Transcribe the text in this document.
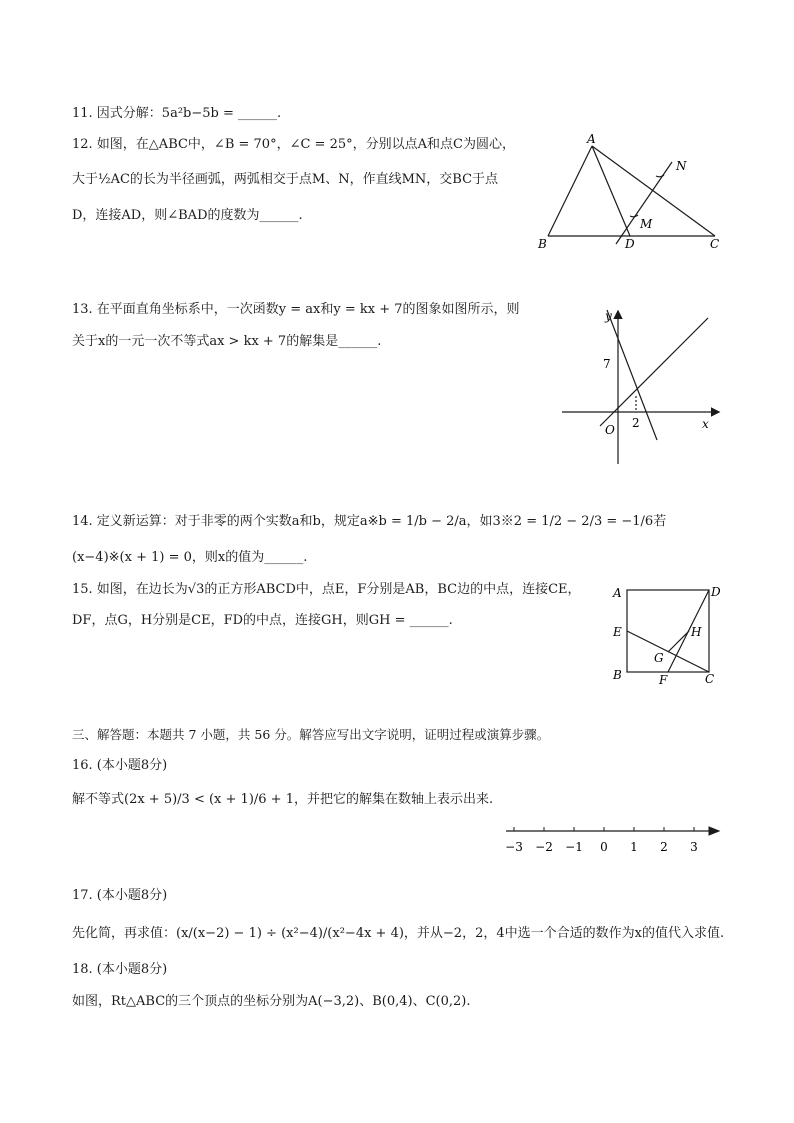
11. 因式分解：5a²b−5b = ______.
12. 如图，在△ABC中，∠B = 70°，∠C = 25°，分别以点A和点C为圆心，
大于½AC的长为半径画弧，两弧相交于点M、N，作直线MN，交BC于点
D，连接AD，则∠BAD的度数为______.
A
B	C
D
M
N
13. 在平面直角坐标系中，一次函数y = ax和y = kx + 7的图象如图所示，则
关于x的一元一次不等式ax > kx + 7的解集是______.
y
x
O
7
2
14. 定义新运算：对于非零的两个实数a和b，规定a※b = 1/b − 2/a，如3※2 = 1/2 − 2/3 = −1/6若
(x−4)※(x + 1) = 0，则x的值为______.
15. 如图，在边长为√3的正方形ABCD中，点E，F分别是AB，BC边的中点，连接CE，
DF，点G，H分别是CE，FD的中点，连接GH，则GH = ______.
A	D
E
B	C
F
G
H
三、解答题：本题共 7 小题，共 56 分。解答应写出文字说明，证明过程或演算步骤。
16. (本小题8分)
解不等式(2x + 5)/3 < (x + 1)/6 + 1，并把它的解集在数轴上表示出来.
−3 −2 −1 0 1 2 3
17. (本小题8分)
先化简，再求值：(x/(x−2) − 1) ÷ (x²−4)/(x²−4x + 4)，并从−2，2，4中选一个合适的数作为x的值代入求值.
18. (本小题8分)
如图，Rt△ABC的三个顶点的坐标分别为A(−3,2)、B(0,4)、C(0,2).
